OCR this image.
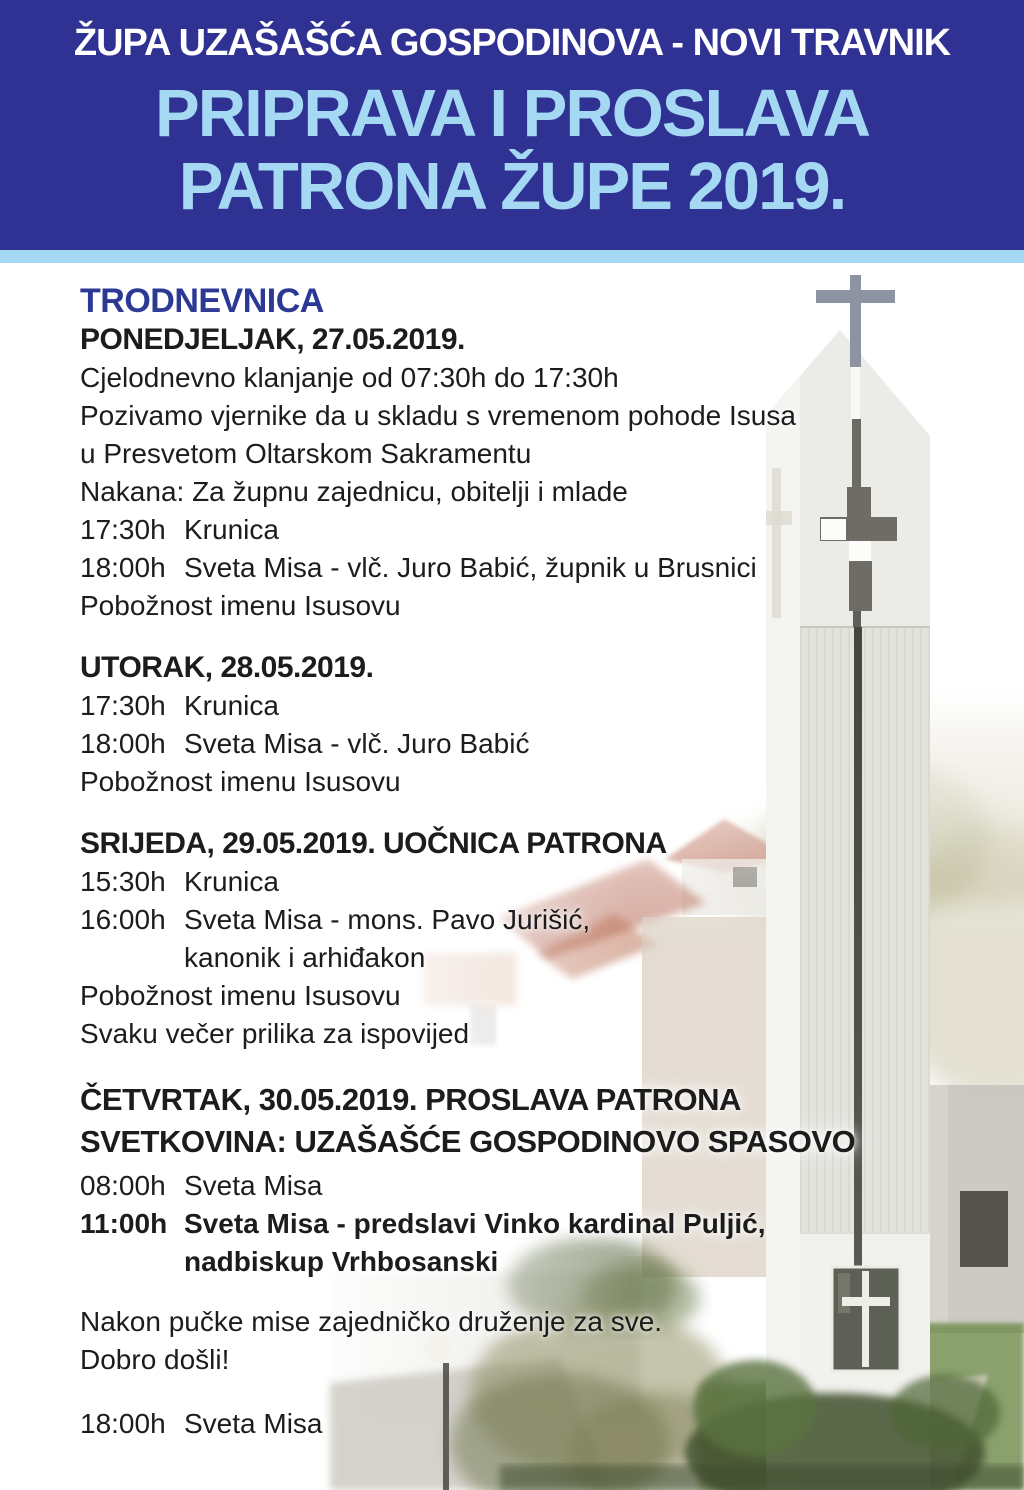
ŽUPA UZAŠAŠĆA GOSPODINOVA - NOVI TRAVNIK
PRIPRAVA I PROSLAVA
PATRONA ŽUPE 2019.
TRODNEVNICA
PONEDJELJAK, 27.05.2019.
Cjelodnevno klanjanje od 07:30h do 17:30h
Pozivamo vjernike da u skladu s vremenom pohode Isusa
u Presvetom Oltarskom Sakramentu
Nakana: Za župnu zajednicu, obitelji i mlade
17:30h Krunica
18:00h Sveta Misa - vlč. Juro Babić, župnik u Brusnici
Pobožnost imenu Isusovu
UTORAK, 28.05.2019.
17:30h Krunica
18:00h Sveta Misa - vlč. Juro Babić
Pobožnost imenu Isusovu
SRIJEDA, 29.05.2019. UOČNICA PATRONA
15:30h Krunica
16:00h Sveta Misa - mons. Pavo Jurišić,
kanonik i arhiđakon
Pobožnost imenu Isusovu
Svaku večer prilika za ispovijed
ČETVRTAK, 30.05.2019. PROSLAVA PATRONA
SVETKOVINA: UZAŠAŠĆE GOSPODINOVO SPASOVO
08:00h Sveta Misa
11:00h Sveta Misa - predslavi Vinko kardinal Puljić,
nadbiskup Vrhbosanski
Nakon pučke mise zajedničko druženje za sve.
Dobro došli!
18:00h Sveta Misa
